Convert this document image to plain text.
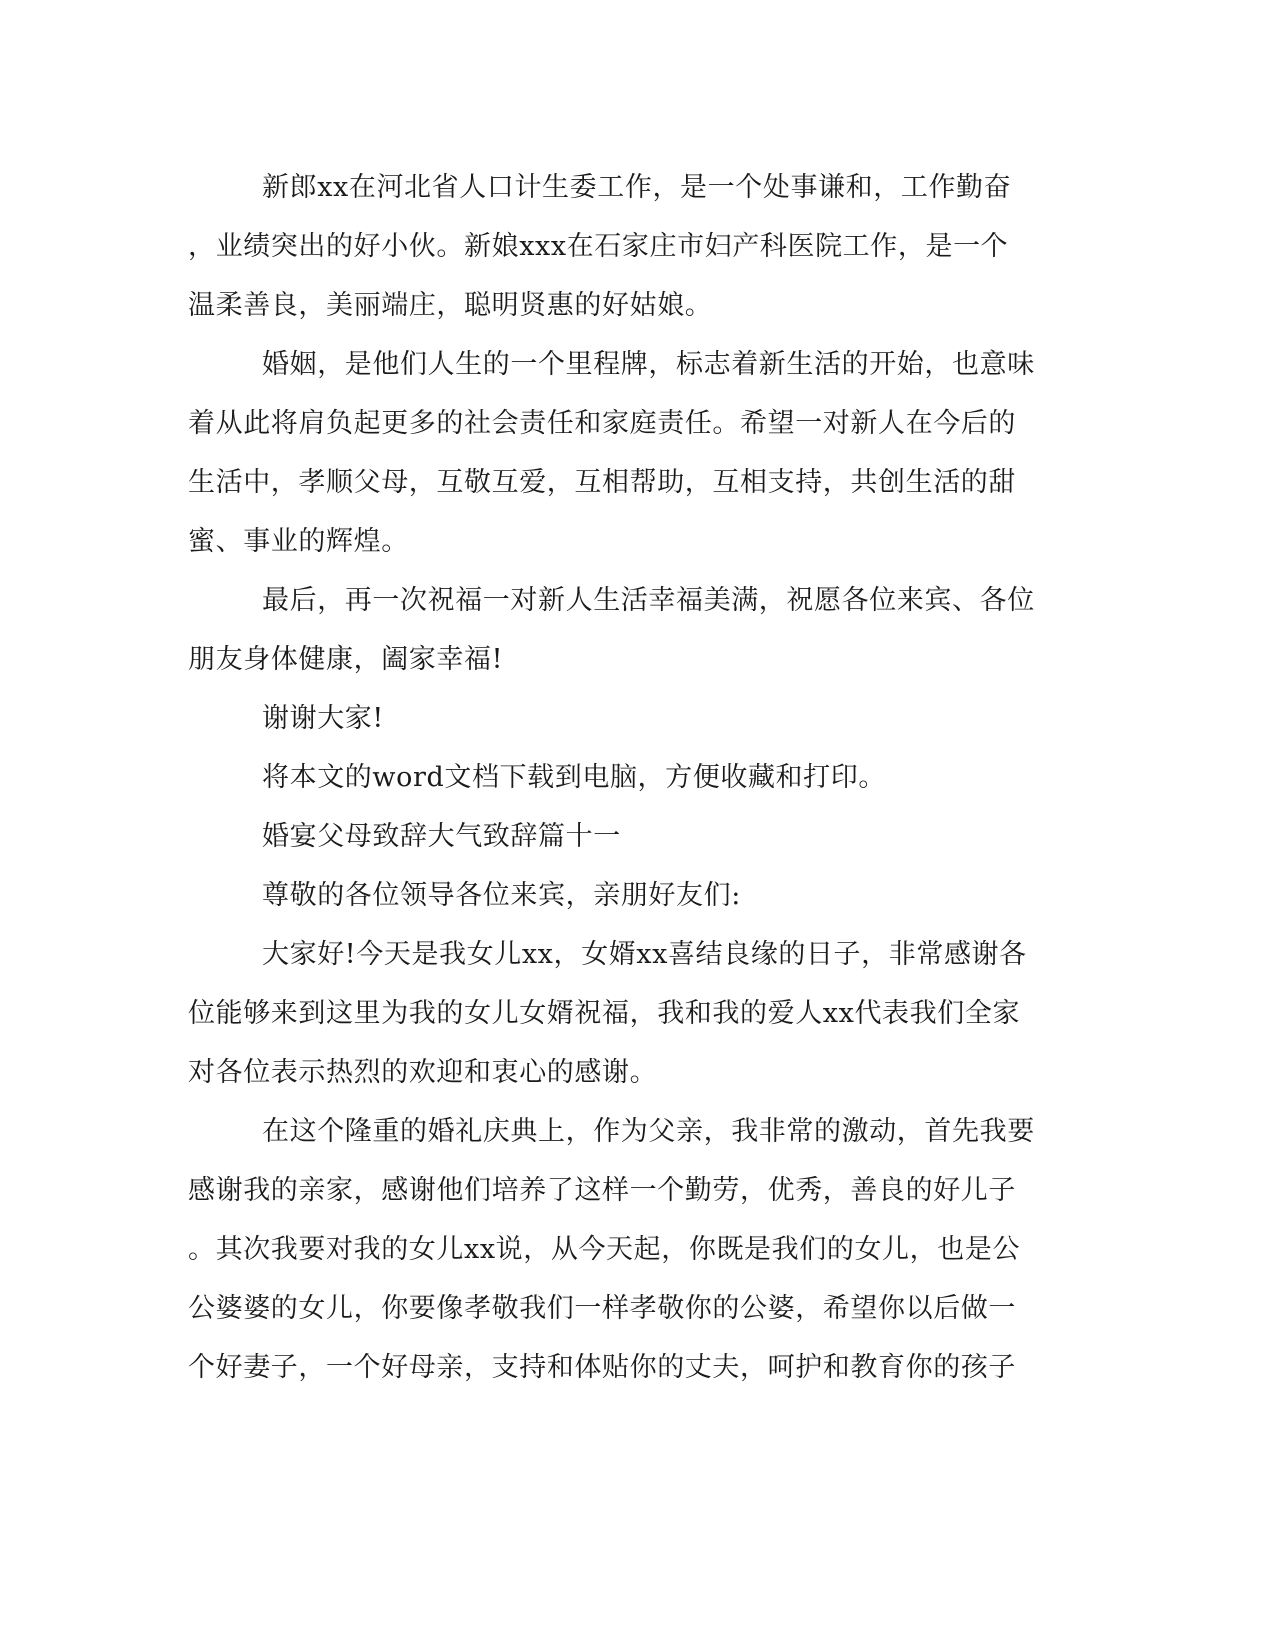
新郎xx在河北省人口计生委工作，是一个处事谦和，工作勤奋
，业绩突出的好小伙。新娘xxx在石家庄市妇产科医院工作，是一个
温柔善良，美丽端庄，聪明贤惠的好姑娘。
婚姻，是他们人生的一个里程牌，标志着新生活的开始，也意味
着从此将肩负起更多的社会责任和家庭责任。希望一对新人在今后的
生活中，孝顺父母，互敬互爱，互相帮助，互相支持，共创生活的甜
蜜、事业的辉煌。
最后，再一次祝福一对新人生活幸福美满，祝愿各位来宾、各位
朋友身体健康，阖家幸福!
谢谢大家!
将本文的word文档下载到电脑，方便收藏和打印。
婚宴父母致辞大气致辞篇十一
尊敬的各位领导各位来宾，亲朋好友们:
大家好!今天是我女儿xx，女婿xx喜结良缘的日子，非常感谢各
位能够来到这里为我的女儿女婿祝福，我和我的爱人xx代表我们全家
对各位表示热烈的欢迎和衷心的感谢。
在这个隆重的婚礼庆典上，作为父亲，我非常的激动，首先我要
感谢我的亲家，感谢他们培养了这样一个勤劳，优秀，善良的好儿子
。其次我要对我的女儿xx说，从今天起，你既是我们的女儿，也是公
公婆婆的女儿，你要像孝敬我们一样孝敬你的公婆，希望你以后做一
个好妻子，一个好母亲，支持和体贴你的丈夫，呵护和教育你的孩子
